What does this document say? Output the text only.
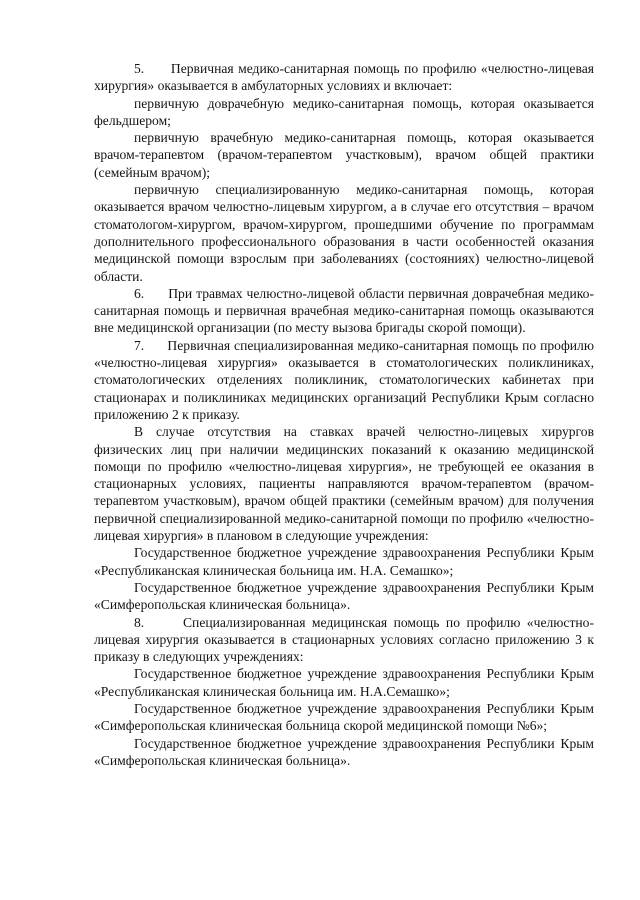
5.      Первичная медико-санитарная помощь по профилю «челюстно-лицевая хирургия» оказывается в амбулаторных условиях и включает:

первичную доврачебную медико-санитарная помощь, которая оказывается фельдшером;

первичную врачебную медико-санитарная помощь, которая оказывается врачом-терапевтом (врачом-терапевтом участковым), врачом общей практики (семейным врачом);

первичную специализированную медико-санитарная помощь, которая оказывается врачом челюстно-лицевым хирургом, а в случае его отсутствия – врачом стоматологом-хирургом, врачом-хирургом, прошедшими обучение по программам дополнительного профессионального образования в части особенностей оказания медицинской помощи взрослым при заболеваниях (состояниях) челюстно-лицевой области.

6.      При травмах челюстно-лицевой области первичная доврачебная медико-санитарная помощь и первичная врачебная медико-санитарная помощь оказываются вне медицинской организации (по месту вызова бригады скорой помощи).

7.      Первичная специализированная медико-санитарная помощь по профилю «челюстно-лицевая хирургия» оказывается в стоматологических поликлиниках, стоматологических отделениях поликлиник, стоматологических кабинетах при стационарах и поликлиниках медицинских организаций Республики Крым согласно приложению 2 к приказу.

В случае отсутствия на ставках врачей челюстно-лицевых хирургов физических лиц при наличии медицинских показаний к оказанию медицинской помощи по профилю «челюстно-лицевая хирургия», не требующей ее оказания в стационарных условиях, пациенты направляются врачом-терапевтом (врачом-терапевтом участковым), врачом общей практики (семейным врачом) для получения первичной специализированной медико-санитарной помощи по профилю «челюстно-лицевая хирургия» в плановом в следующие учреждения:

Государственное бюджетное учреждение здравоохранения Республики Крым «Республиканская клиническая больница им. Н.А. Семашко»;

Государственное бюджетное учреждение здравоохранения Республики Крым «Симферопольская клиническая больница».

8.      Специализированная медицинская помощь по профилю «челюстно-лицевая хирургия оказывается в стационарных условиях согласно приложению 3 к приказу в следующих учреждениях:

Государственное бюджетное учреждение здравоохранения Республики Крым «Республиканская клиническая больница им. Н.А.Семашко»;

Государственное бюджетное учреждение здравоохранения Республики Крым «Симферопольская клиническая больница скорой медицинской помощи №6»;

Государственное бюджетное учреждение здравоохранения Республики Крым «Симферопольская клиническая больница».
